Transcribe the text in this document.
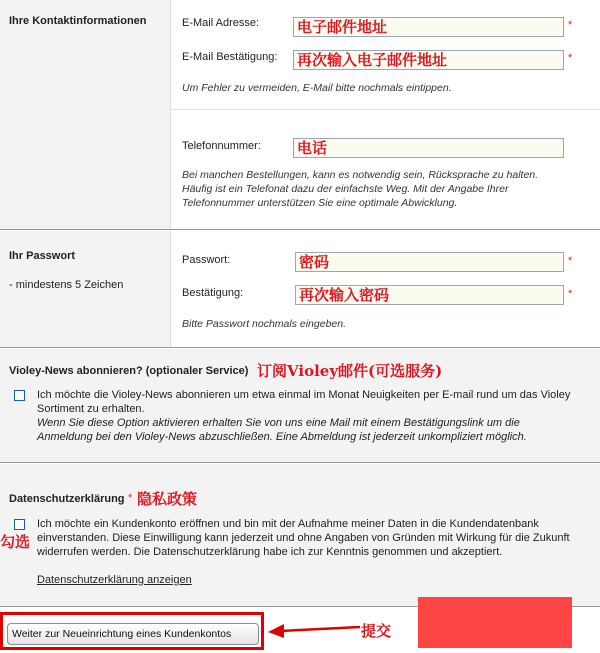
Ihre Kontaktinformationen	E-Mail Adresse:	电子邮件地址	*
E-Mail Bestätigung: 再次输入电子邮件地址	*
Um Fehler zu vermeiden, E-Mail bitte nochmals eintippen.
Telefonnummer: 电话
Bei manchen Bestellungen, kann es notwendig sein, Rücksprache zu halten.
Häufig ist ein Telefonat dazu der einfachste Weg. Mit der Angabe Ihrer
Telefonnummer unterstützen Sie eine optimale Abwicklung.
Ihr Passwort
- mindestens 5 Zeichen
Passwort:	密码	*
Bestätigung:	再次输入密码	*
Bitte Passwort nochmals eingeben.
Violey-News abonnieren? (optionaler Service) 订阅Violey邮件(可选服务)
Ich möchte die Violey-News abonnieren um etwa einmal im Monat Neuigkeiten per E-mail rund um das Violey
Sortiment zu erhalten.
Wenn Sie diese Option aktivieren erhalten Sie von uns eine Mail mit einem Bestätigungslink um die
Anmeldung bei den Violey-News abzuschließen. Eine Abmeldung ist jederzeit unkompliziert möglich.
Datenschutzerklärung * 隐私政策
勾选
Ich möchte ein Kundenkonto eröffnen und bin mit der Aufnahme meiner Daten in die Kundendatenbank
einverstanden. Diese Einwilligung kann jederzeit und ohne Angaben von Gründen mit Wirkung für die Zukunft
widerrufen werden. Die Datenschutzerklärung habe ich zur Kenntnis genommen und akzeptiert.
Datenschutzerklärung anzeigen
Weiter zur Neueinrichtung eines Kundenkontos	提交
